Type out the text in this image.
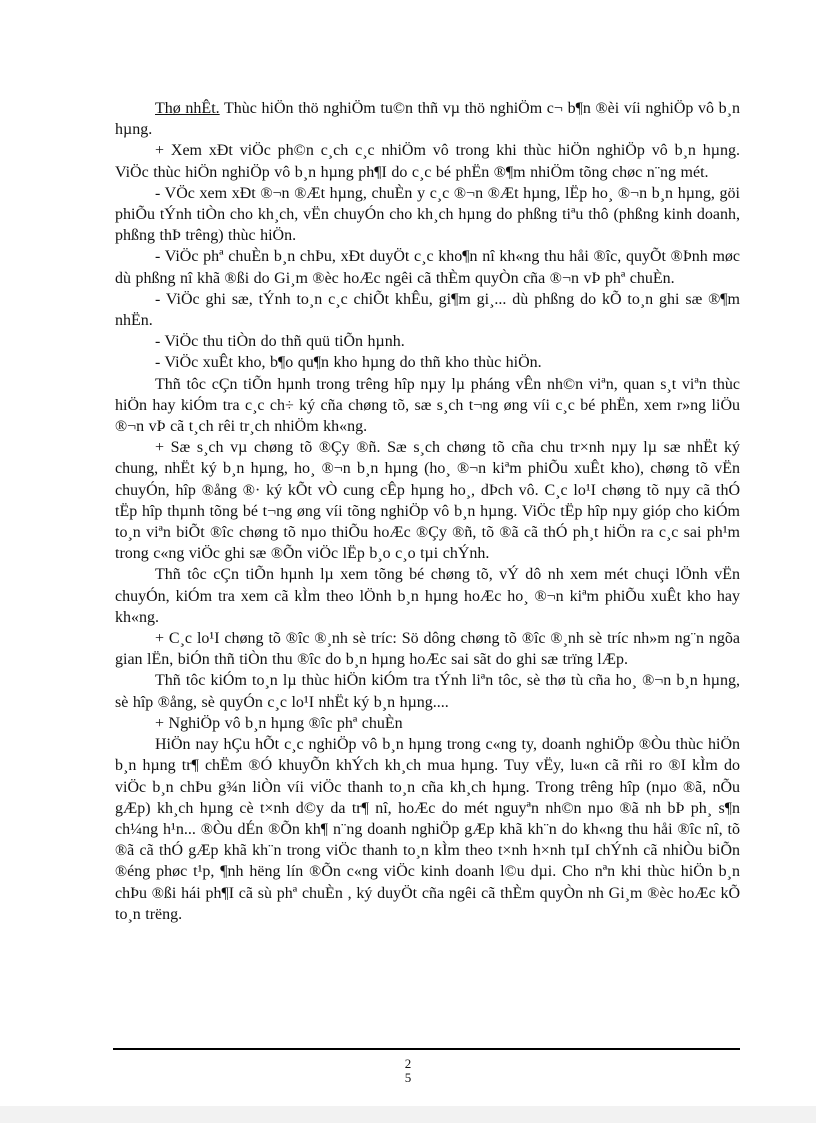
Thø nhÊt. Thùc hiÖn thö nghiÖm tu©n thñ vµ thö nghiÖm c¬ b¶n ®èi víi nghiÖp vô b¸n hµng.

+ Xem xÐt viÖc ph©n c¸ch c¸c nhiÖm vô trong khi thùc hiÖn nghiÖp vô b¸n hµng. ViÖc thùc hiÖn nghiÖp vô b¸n hµng ph¶I do c¸c bé phËn ®¶m nhiÖm tõng chøc n¨ng mét.

- VÖc xem xÐt ®¬n ®Æt hµng, chuÈn y c¸c ®¬n ®Æt hµng, lËp ho¸ ®¬n b¸n hµng, göi phiÕu tÝnh tiÒn cho kh¸ch, vËn chuyÓn cho kh¸ch hµng do phßng tiªu thô (phßng kinh doanh, phßng thÞ trêng) thùc hiÖn.

- ViÖc phª chuÈn b¸n chÞu, xÐt duyÖt c¸c kho¶n nî kh«ng thu håi ®îc, quyÕt ®Þnh møc dù phßng nî khã ®ßi do Gi¸m ®èc hoÆc ngêi cã thÈm quyÒn cña ®¬n vÞ phª chuÈn.

- ViÖc ghi sæ, tÝnh to¸n c¸c chiÕt khÊu, gi¶m gi¸... dù phßng do kÕ to¸n ghi sæ ®¶m nhËn.

- ViÖc thu tiÒn do thñ quü tiÕn hµnh.

- ViÖc xuÊt kho, b¶o qu¶n kho hµng do thñ kho thùc hiÖn.

Thñ tôc cÇn tiÕn hµnh trong trêng hîp nµy lµ pháng vÊn nh©n viªn, quan s¸t viªn thùc hiÖn hay kiÓm tra c¸c ch÷ ký cña chøng tõ, sæ s¸ch t¬ng øng víi c¸c bé phËn, xem r»ng liÖu ®¬n vÞ cã t¸ch rêi tr¸ch nhiÖm kh«ng.

+ Sæ s¸ch vµ chøng tõ ®Çy ®ñ. Sæ s¸ch chøng tõ cña chu tr×nh nµy lµ sæ nhËt ký chung, nhËt ký b¸n hµng, ho¸ ®¬n b¸n hµng (ho¸ ®¬n kiªm phiÕu xuÊt kho), chøng tõ vËn chuyÓn, hîp ®ång ®· ký kÕt vÒ cung cÊp hµng ho¸, dÞch vô. C¸c lo¹I chøng tõ nµy cã thÓ tËp hîp thµnh tõng bé t¬ng øng víi tõng nghiÖp vô b¸n hµng. ViÖc tËp hîp nµy gióp cho kiÓm to¸n viªn biÕt ®îc chøng tõ nµo thiÕu hoÆc ®Çy ®ñ, tõ ®ã cã thÓ ph¸t hiÖn ra c¸c sai ph¹m trong c«ng viÖc ghi sæ ®Õn viÖc lËp b¸o c¸o tµi chÝnh.

Thñ tôc cÇn tiÕn hµnh lµ xem tõng bé chøng tõ, vÝ dô nh xem mét chuçi lÖnh vËn chuyÓn, kiÓm tra xem cã kÌm theo lÖnh b¸n hµng hoÆc ho¸ ®¬n kiªm phiÕu xuÊt kho hay kh«ng.

+ C¸c lo¹I chøng tõ ®îc ®¸nh sè tríc: Sö dông chøng tõ ®îc ®¸nh sè tríc nh»m ng¨n ngõa gian lËn, biÓn thñ tiÒn thu ®îc do b¸n hµng hoÆc sai sãt do ghi sæ trïng lÆp.

Thñ tôc kiÓm to¸n lµ thùc hiÖn kiÓm tra tÝnh liªn tôc, sè thø tù cña ho¸ ®¬n b¸n hµng, sè hîp ®ång, sè quyÓn c¸c lo¹I nhËt ký b¸n hµng....

+ NghiÖp vô b¸n hµng ®îc phª chuÈn

HiÖn nay hÇu hÕt c¸c nghiÖp vô b¸n hµng trong c«ng ty, doanh nghiÖp ®Òu thùc hiÖn b¸n hµng tr¶ chËm ®Ó khuyÕn khÝch kh¸ch mua hµng. Tuy vËy, lu«n cã rñi ro ®I kÌm do viÖc b¸n chÞu g¾n liÒn víi viÖc thanh to¸n cña kh¸ch hµng. Trong trêng hîp (nµo ®ã, nÕu gÆp) kh¸ch hµng cè t×nh d©y da tr¶ nî, hoÆc do mét nguyªn nh©n nµo ®ã nh bÞ ph¸ s¶n ch¼ng h¹n... ®Òu dÉn ®Õn kh¶ n¨ng doanh nghiÖp gÆp khã kh¨n do kh«ng thu håi ®îc nî, tõ ®ã cã thÓ gÆp khã kh¨n trong viÖc thanh to¸n kÌm theo t×nh h×nh tµI chÝnh cã nhiÒu biÕn ®éng phøc t¹p, ¶nh hëng lín ®Õn c«ng viÖc kinh doanh l©u dµi. Cho nªn khi thùc hiÖn b¸n chÞu ®ßi hái ph¶I cã sù phª chuÈn , ký duyÖt cña ngêi cã thÈm quyÒn nh Gi¸m ®èc hoÆc kÕ to¸n trëng.

2
5
